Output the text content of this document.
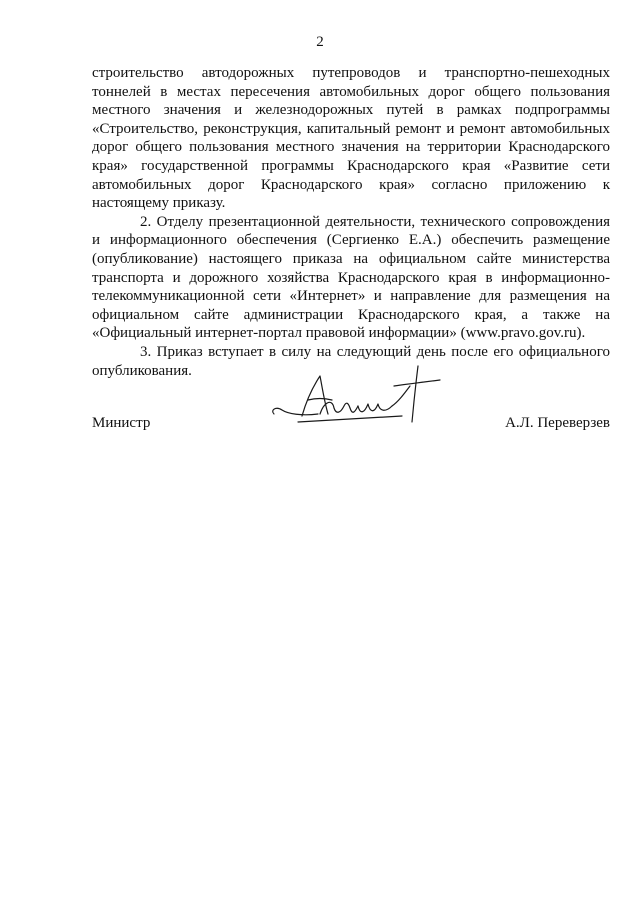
2

строительство автодорожных путепроводов и транспортно-пешеходных тоннелей в местах пересечения автомобильных дорог общего пользования местного значения и железнодорожных путей в рамках подпрограммы «Строительство, реконструкция, капитальный ремонт и ремонт автомобильных дорог общего пользования местного значения на территории Краснодарского края» государственной программы Краснодарского края «Развитие сети автомобильных дорог Краснодарского края» согласно приложению к настоящему приказу.

2. Отделу презентационной деятельности, технического сопровождения и информационного обеспечения (Сергиенко Е.А.) обеспечить размещение (опубликование) настоящего приказа на официальном сайте министерства транспорта и дорожного хозяйства Краснодарского края в информационно-телекоммуникационной сети «Интернет» и направление для размещения на официальном сайте администрации Краснодарского края, а также на «Официальный интернет-портал правовой информации» (www.pravo.gov.ru).

3. Приказ вступает в силу на следующий день после его официального опубликования.

Министр	А.Л. Переверзев
